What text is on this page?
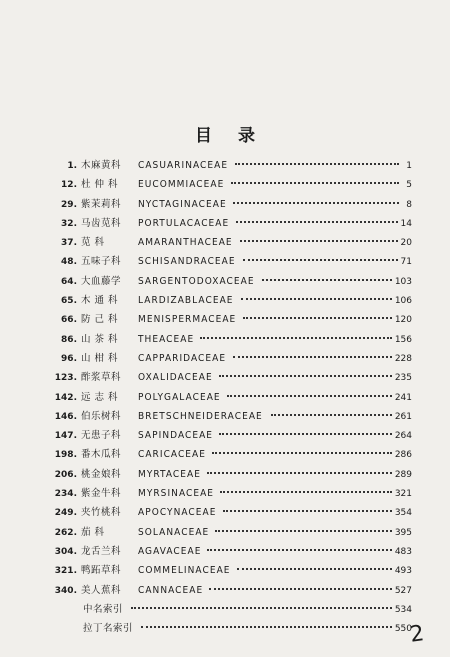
目 录
1. 木麻黄科	CASUARINACEAE	1
12. 杜 仲 科	EUCOMMIACEAE	5
29. 紫茉莉科	NYCTAGINACEAE	8
32. 马齿苋科	PORTULACACEAE	14
37. 苋 科	AMARANTHACEAE	20
48. 五味子科	SCHISANDRACEAE	71
64. 大血藤学	SARGENTODOXACEAE	103
65. 木 通 科	LARDIZABLACEAE	106
66. 防 己 科	MENISPERMACEAE	120
86. 山 茶 科	THEACEAE	156
96. 山 柑 科	CAPPARIDACEAE	228
123. 酢浆草科	OXALIDACEAE	235
142. 远 志 科	POLYGALACEAE	241
146. 伯乐树科	BRETSCHNEIDERACEAE	261
147. 无患子科	SAPINDACEAE	264
198. 番木瓜科	CARICACEAE	286
206. 桃金娘科	MYRTACEAE	289
234. 紫金牛科	MYRSINACEAE	321
249. 夹竹桃科	APOCYNACEAE	354
262. 茄 科	SOLANACEAE	395
304. 龙舌兰科	AGAVACEAE	483
321. 鸭跖草科	COMMELINACEAE	493
340. 美人蕉科	CANNACEAE	527
中名索引	534
拉丁名索引	550
2
